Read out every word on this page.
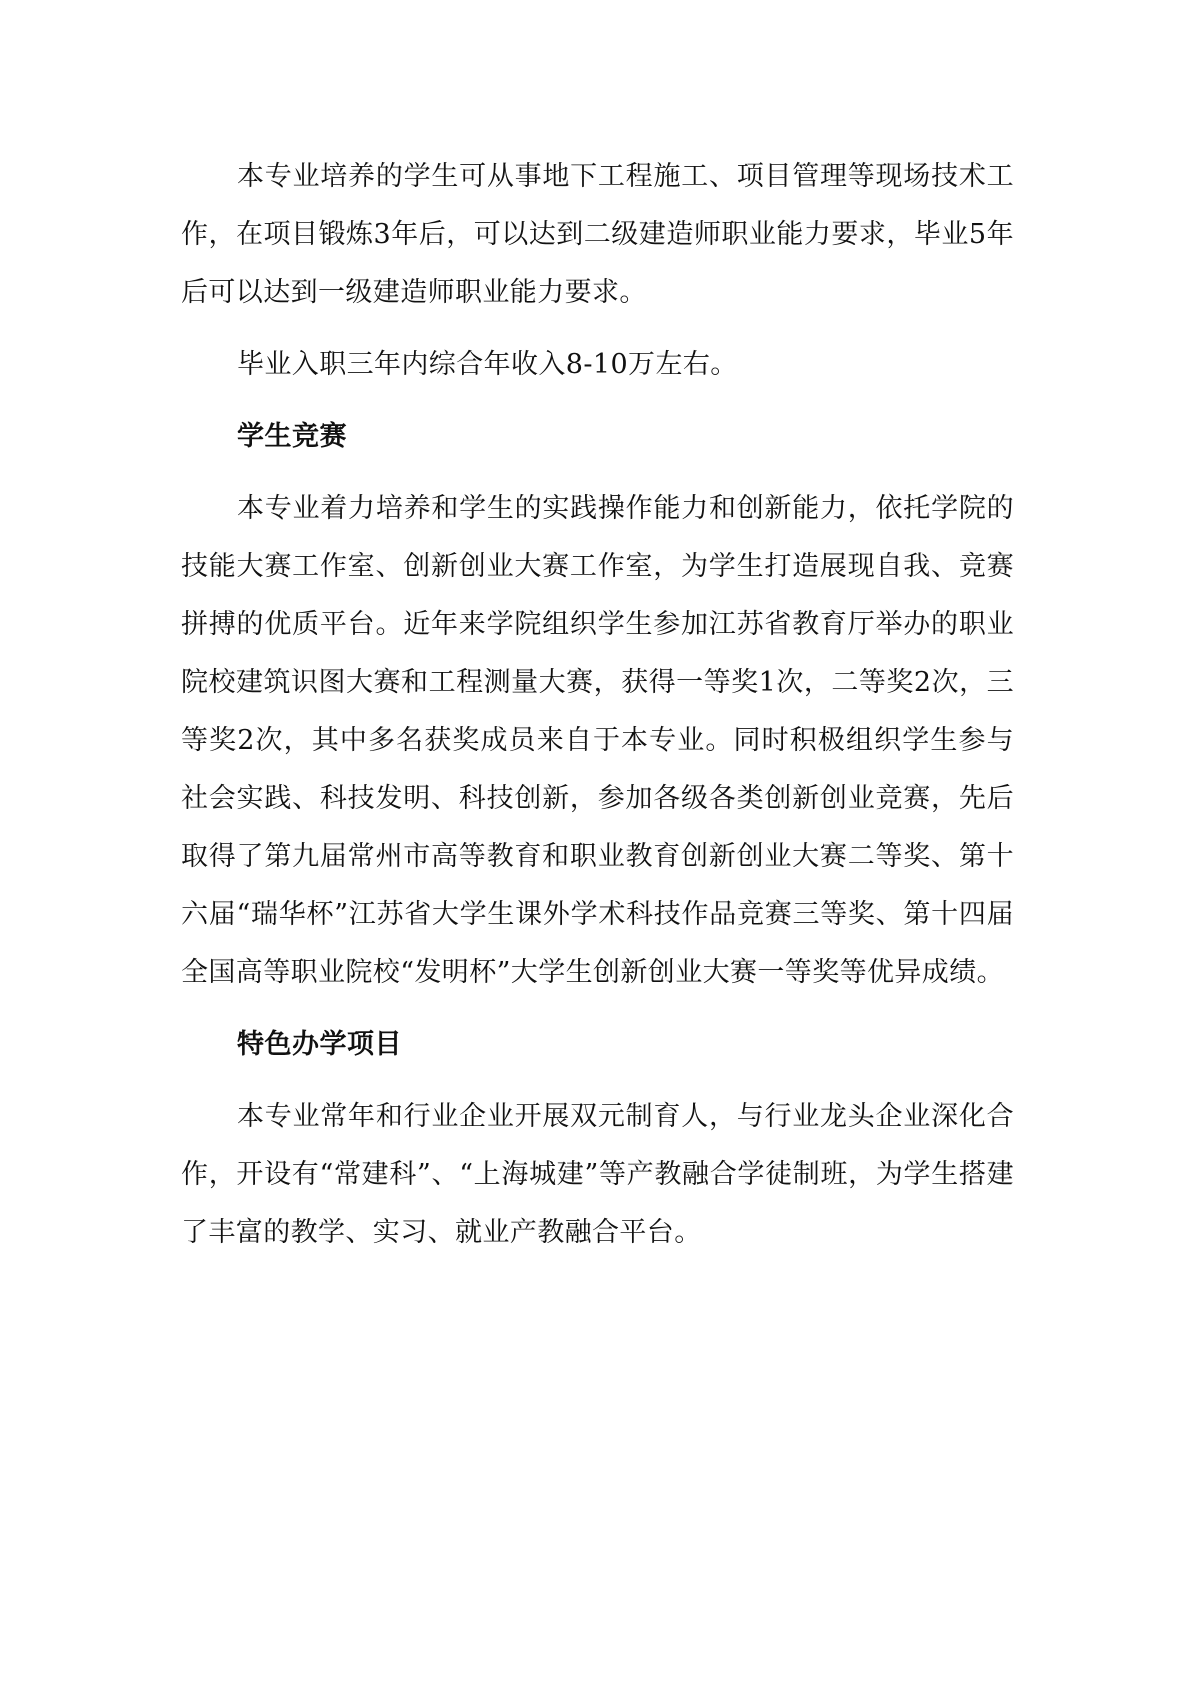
本专业培养的学生可从事地下工程施工、项目管理等现场技术工作，在项目锻炼3年后，可以达到二级建造师职业能力要求，毕业5年后可以达到一级建造师职业能力要求。

毕业入职三年内综合年收入8-10万左右。

学生竞赛

本专业着力培养和学生的实践操作能力和创新能力，依托学院的技能大赛工作室、创新创业大赛工作室，为学生打造展现自我、竞赛拼搏的优质平台。近年来学院组织学生参加江苏省教育厅举办的职业院校建筑识图大赛和工程测量大赛，获得一等奖1次，二等奖2次，三等奖2次，其中多名获奖成员来自于本专业。同时积极组织学生参与社会实践、科技发明、科技创新，参加各级各类创新创业竞赛，先后取得了第九届常州市高等教育和职业教育创新创业大赛二等奖、第十六届“瑞华杯”江苏省大学生课外学术科技作品竞赛三等奖、第十四届全国高等职业院校“发明杯”大学生创新创业大赛一等奖等优异成绩。

特色办学项目

本专业常年和行业企业开展双元制育人，与行业龙头企业深化合作，开设有“常建科”、“上海城建”等产教融合学徒制班，为学生搭建了丰富的教学、实习、就业产教融合平台。
